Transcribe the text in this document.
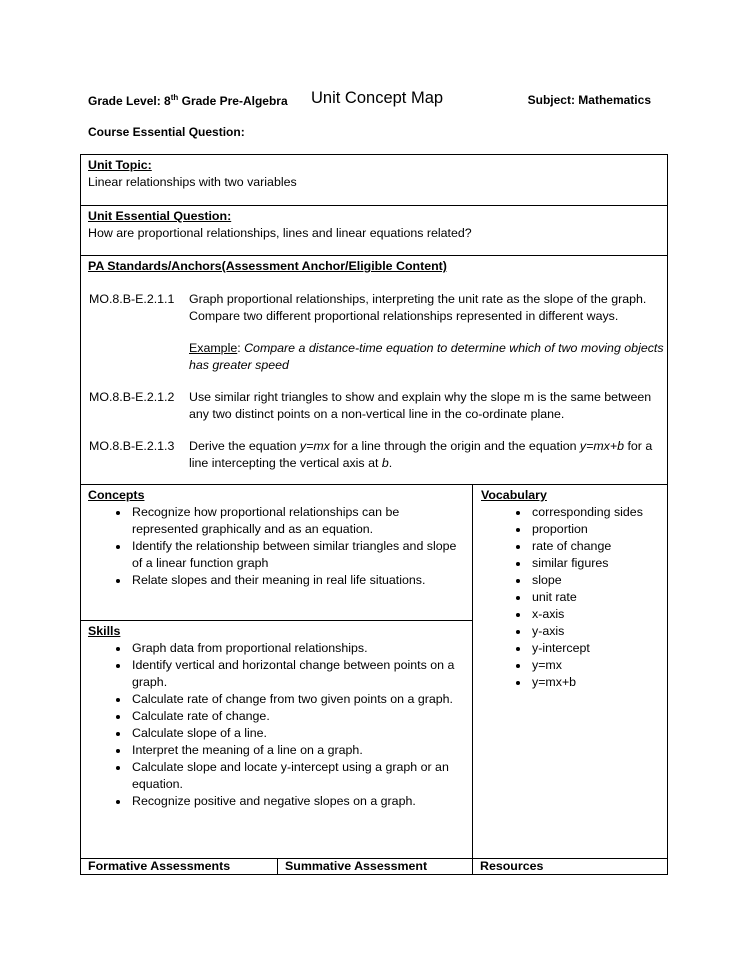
Grade Level: 8th Grade Pre-Algebra Unit Concept Map	Subject: Mathematics
Course Essential Question:
Unit Topic:
Linear relationships with two variables
Unit Essential Question:
How are proportional relationships, lines and linear equations related?
PA Standards/Anchors(Assessment Anchor/Eligible Content)
MO.8.B-E.2.1.1	Graph proportional relationships, interpreting the unit rate as the slope of the graph. Compare two different proportional relationships represented in different ways.
Example: Compare a distance-time equation to determine which of two moving objects has greater speed
MO.8.B-E.2.1.2	Use similar right triangles to show and explain why the slope m is the same between any two distinct points on a non-vertical line in the co-ordinate plane.
MO.8.B-E.2.1.3	Derive the equation y=mx for a line through the origin and the equation y=mx+b for a line intercepting the vertical axis at b.
Concepts
• Recognize how proportional relationships can be represented graphically and as an equation.
• Identify the relationship between similar triangles and slope of a linear function graph
• Relate slopes and their meaning in real life situations.
Skills
• Graph data from proportional relationships.
• Identify vertical and horizontal change between points on a graph.
• Calculate rate of change from two given points on a graph.
• Calculate rate of change.
• Calculate slope of a line.
• Interpret the meaning of a line on a graph.
• Calculate slope and locate y-intercept using a graph or an equation.
• Recognize positive and negative slopes on a graph.
Vocabulary
• corresponding sides
• proportion
• rate of change
• similar figures
• slope
• unit rate
• x-axis
• y-axis
• y-intercept
• y=mx
• y=mx+b
Formative Assessments	Summative Assessment	Resources
